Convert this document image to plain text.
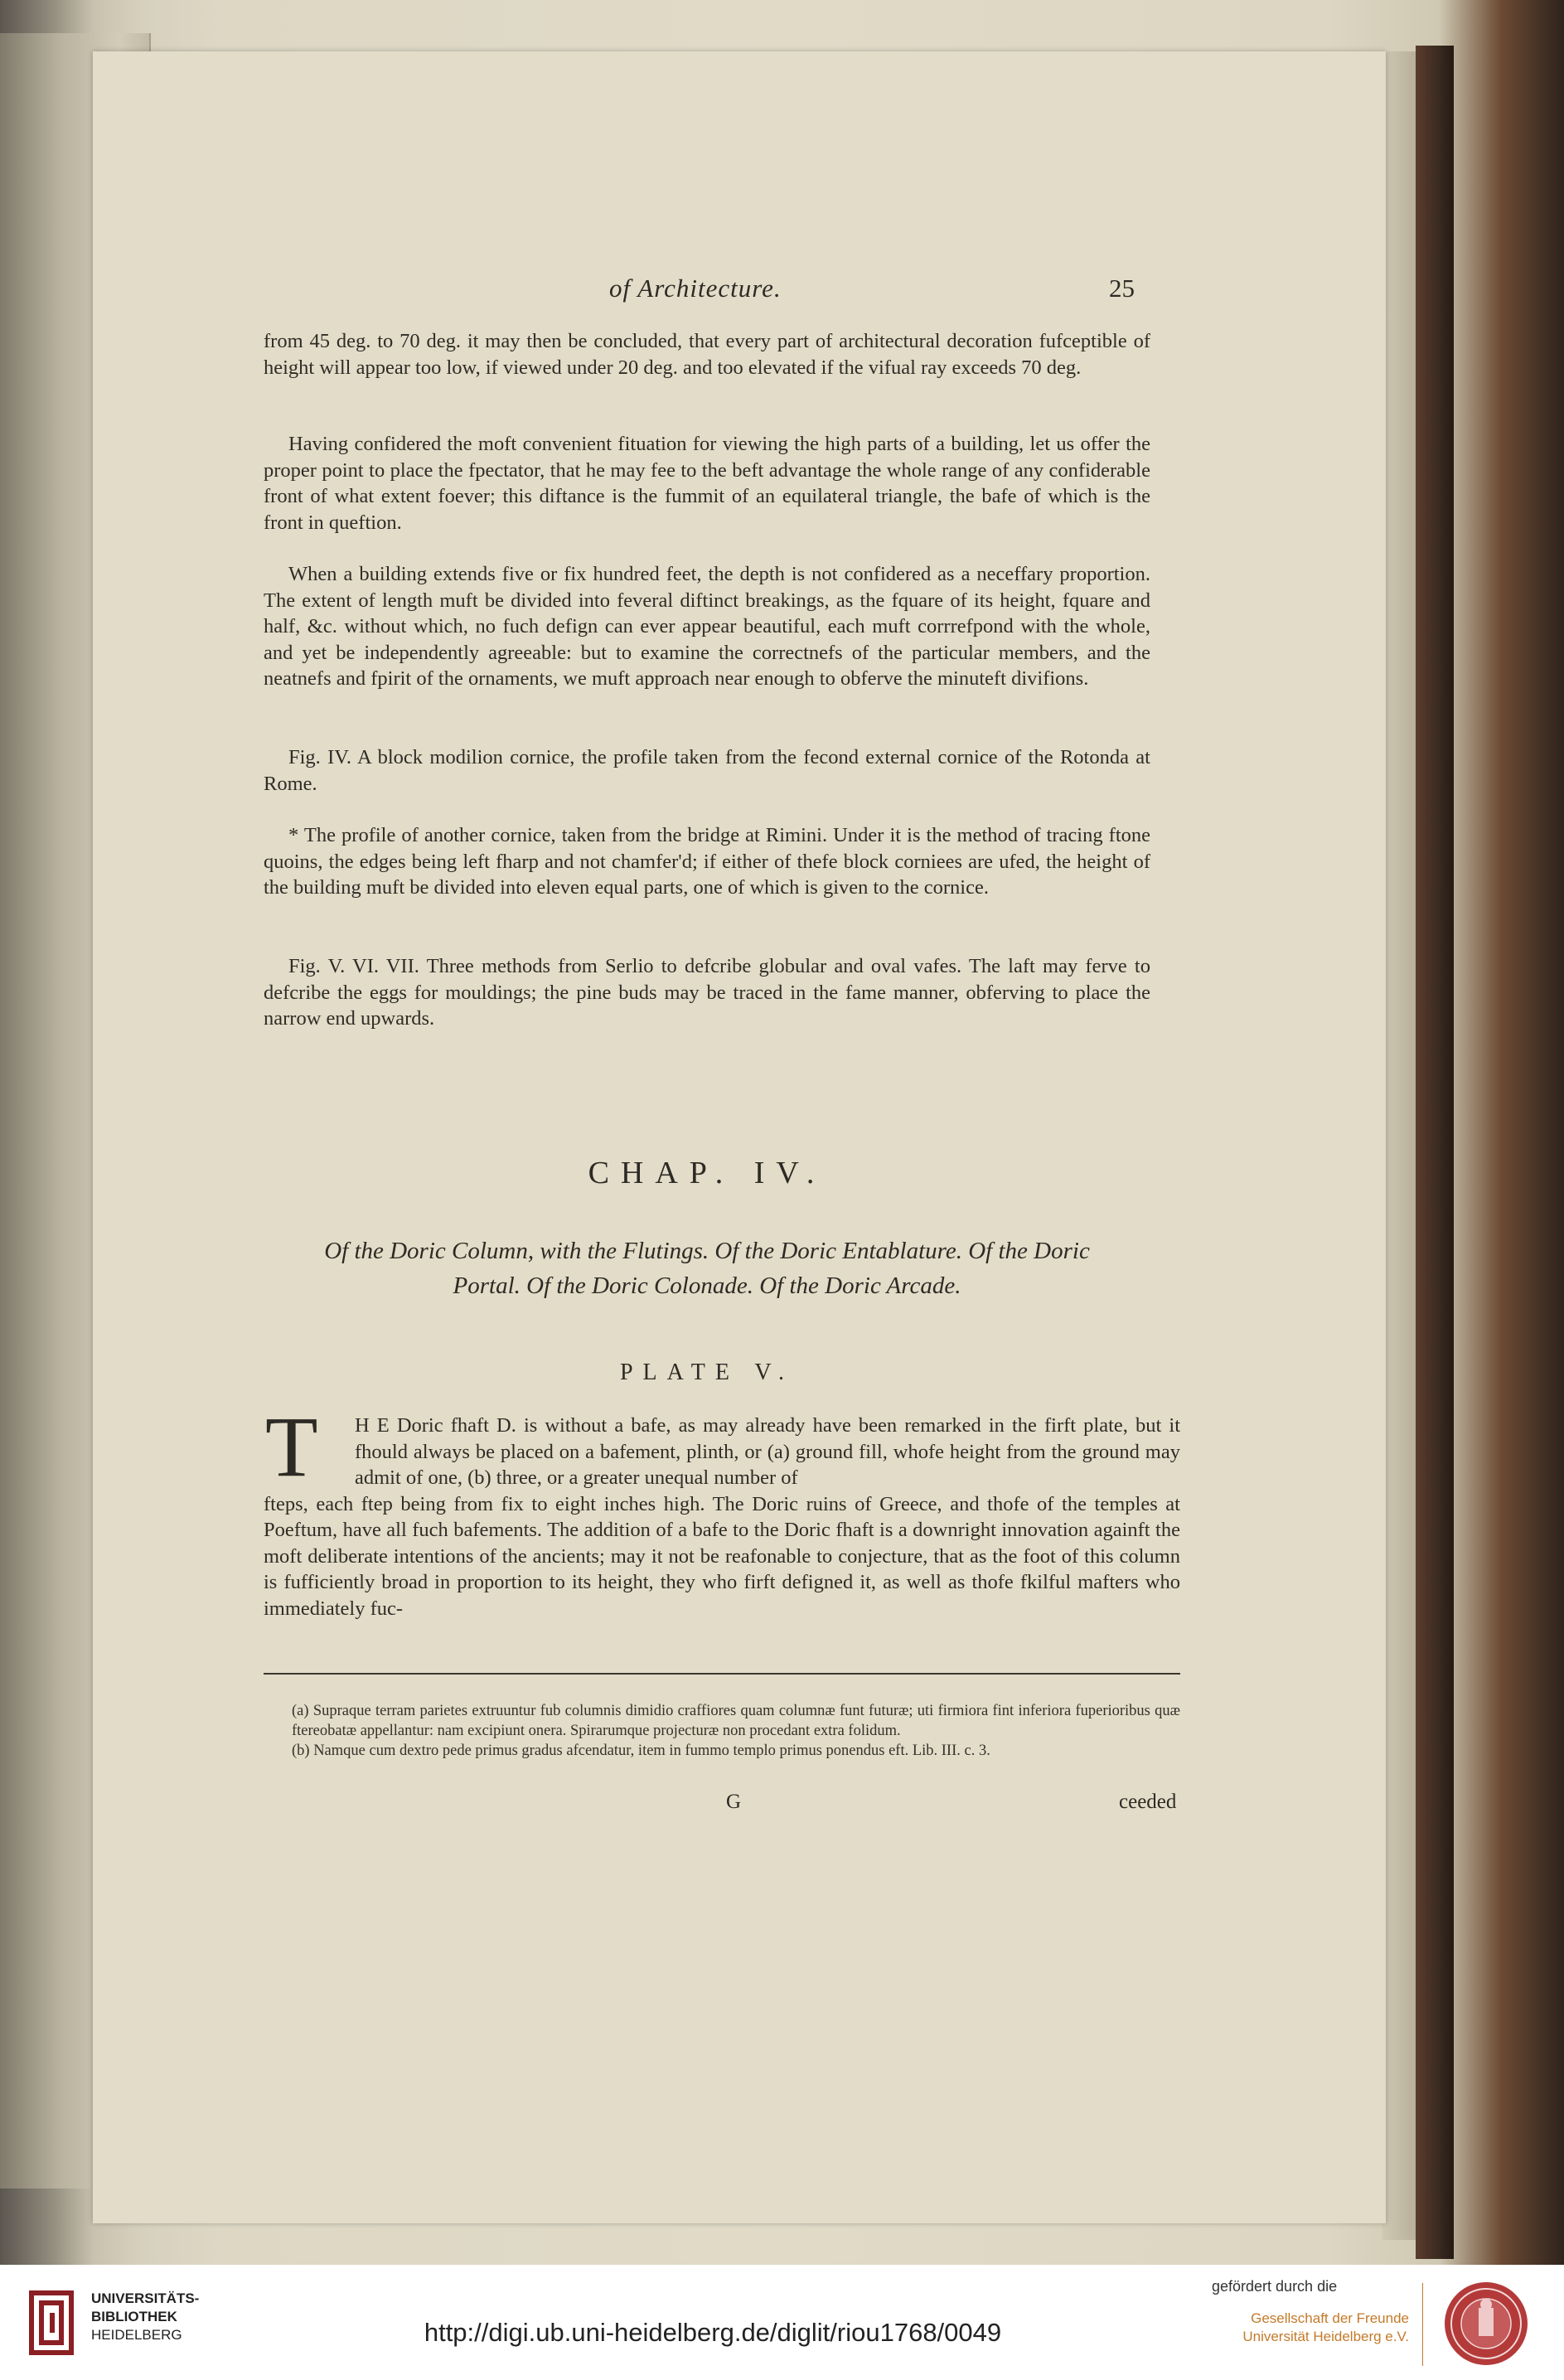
of Architecture.	25
from 45 deg. to 70 deg. it may then be concluded, that every part of architectural decoration fufceptible of height will appear too low, if viewed under 20 deg. and too elevated if the vifual ray exceeds 70 deg.
Having confidered the moft convenient fituation for viewing the high parts of a building, let us offer the proper point to place the fpectator, that he may fee to the beft advantage the whole range of any confiderable front of what extent foever; this diftance is the fummit of an equilateral triangle, the bafe of which is the front in queftion.
When a building extends five or fix hundred feet, the depth is not confidered as a neceffary proportion. The extent of length muft be divided into feveral diftinct breakings, as the fquare of its height, fquare and half, &c. without which, no fuch defign can ever appear beautiful, each muft corrrefpond with the whole, and yet be independently agreeable: but to examine the correctnefs of the particular members, and the neatnefs and fpirit of the ornaments, we muft approach near enough to obferve the minuteft divifions.
Fig. IV. A block modilion cornice, the profile taken from the fecond external cornice of the Rotonda at Rome.
* The profile of another cornice, taken from the bridge at Rimini. Under it is the method of tracing ftone quoins, the edges being left fharp and not chamfer'd; if either of thefe block corniees are ufed, the height of the building muft be divided into eleven equal parts, one of which is given to the cornice.
Fig. V. VI. VII. Three methods from Serlio to defcribe globular and oval vafes. The laft may ferve to defcribe the eggs for mouldings; the pine buds may be traced in the fame manner, obferving to place the narrow end upwards.
CHAP. IV.
Of the Doric Column, with the Flutings. Of the Doric Entablature. Of the Doric
Portal. Of the Doric Colonade. Of the Doric Arcade.
PLATE V.
T	H E Doric fhaft D. is without a bafe, as may already have been remarked in the firft plate, but it fhould always be placed on a bafement, plinth, or (a) ground fill, whofe height from the ground may admit of one, (b) three, or a greater unequal number of
fteps, each ftep being from fix to eight inches high. The Doric ruins of Greece, and thofe of the temples at Poeftum, have all fuch bafements. The addition of a bafe to the Doric fhaft is a downright innovation againft the moft deliberate intentions of the ancients; may it not be reafonable to conjecture, that as the foot of this column is fufficiently broad in proportion to its height, they who firft defigned it, as well as thofe fkilful mafters who immediately fuc-
(a) Supraque terram parietes extruuntur fub columnis dimidio craffiores quam columnæ funt futuræ; uti firmiora fint inferiora fuperioribus quæ ftereobatæ appellantur: nam excipiunt onera. Spirarumque projecturæ non procedant extra folidum.
(b) Namque cum dextro pede primus gradus afcendatur, item in fummo templo primus ponendus eft. Lib. III. c. 3.
G	ceeded
UNIVERSITÄTS-
BIBLIOTHEK
HEIDELBERG	http://digi.ub.uni-heidelberg.de/diglit/riou1768/0049
gefördert durch die
Gesellschaft der Freunde
Universität Heidelberg e.V.
